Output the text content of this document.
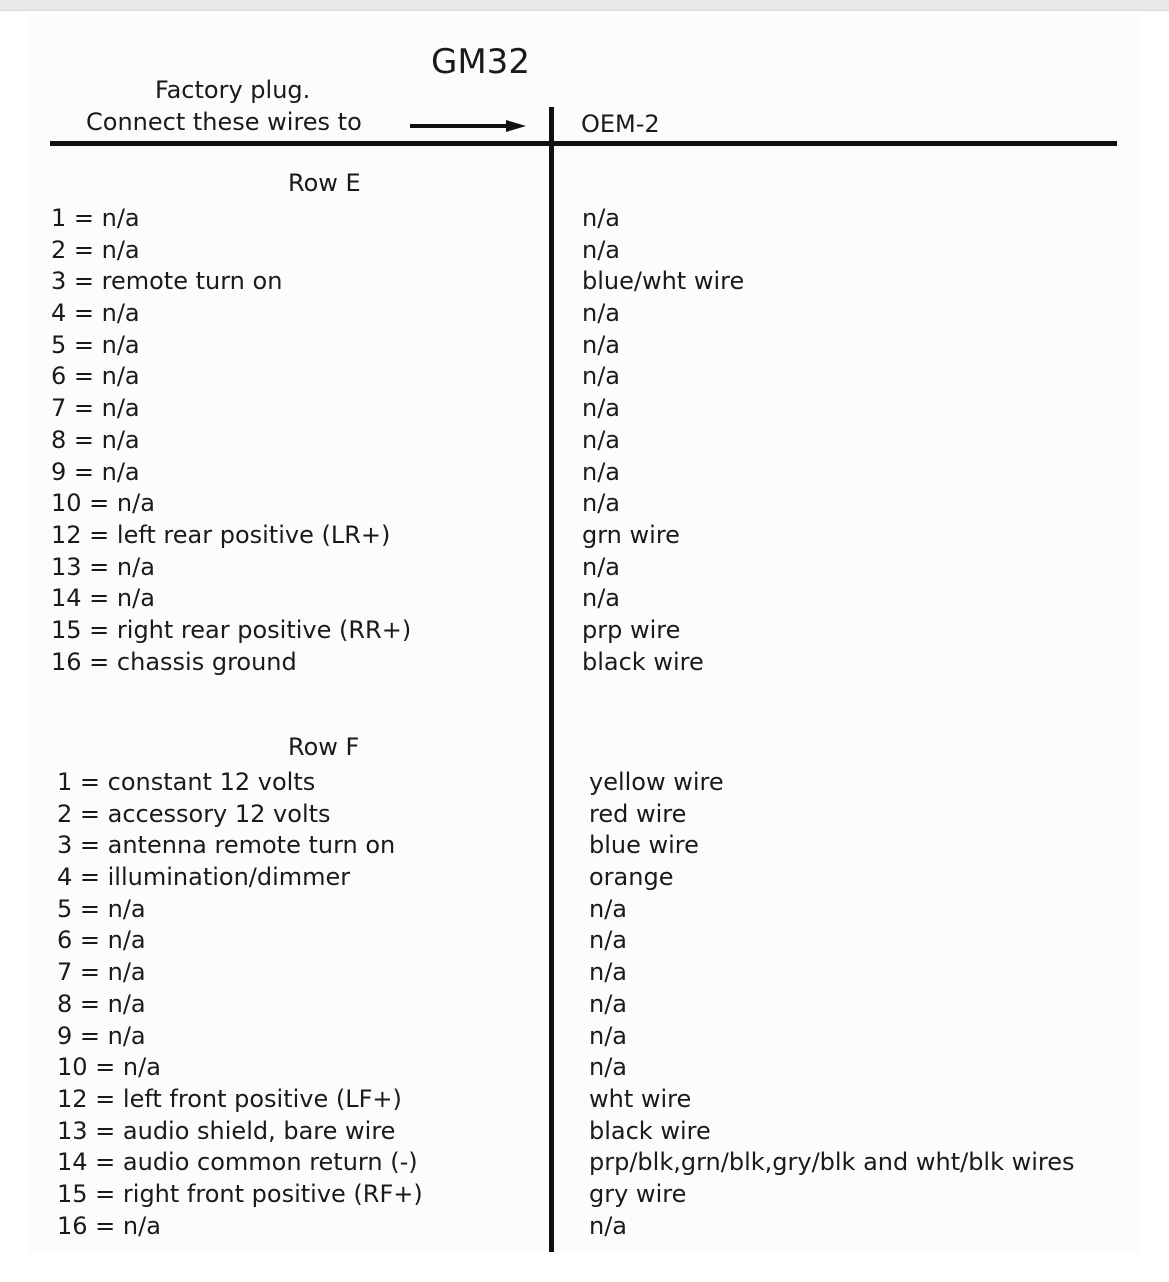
GM32
Factory plug.
Connect these wires to	OEM-2
Row E
1 = n/a	n/a
2 = n/a	n/a
3 = remote turn on	blue/wht wire
4 = n/a	n/a
5 = n/a	n/a
6 = n/a	n/a
7 = n/a	n/a
8 = n/a	n/a
9 = n/a	n/a
10 = n/a	n/a
12 = left rear positive (LR+)	grn wire
13 = n/a	n/a
14 = n/a	n/a
15 = right rear positive (RR+)	prp wire
16 = chassis ground	black wire
Row F
1 = constant 12 volts	yellow wire
2 = accessory 12 volts	red wire
3 = antenna remote turn on	blue wire
4 = illumination/dimmer	orange
5 = n/a	n/a
6 = n/a	n/a
7 = n/a	n/a
8 = n/a	n/a
9 = n/a	n/a
10 = n/a	n/a
12 = left front positive (LF+)	wht wire
13 = audio shield, bare wire	black wire
14 = audio common return (-)	prp/blk,grn/blk,gry/blk and wht/blk wires
15 = right front positive (RF+)	gry wire
16 = n/a	n/a
